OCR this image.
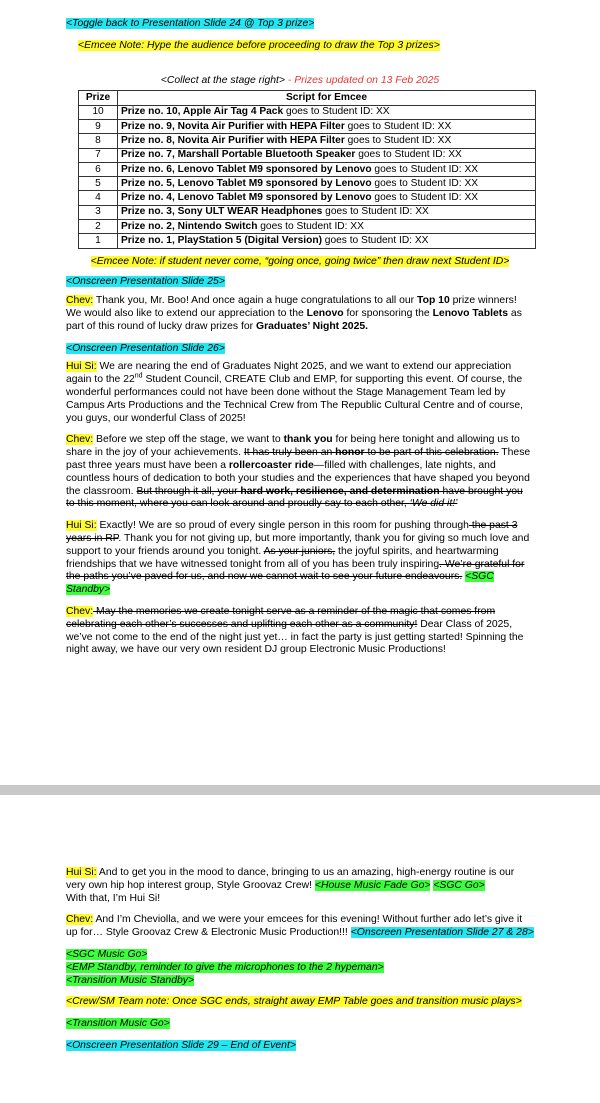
<Toggle back to Presentation Slide 24 @ Top 3 prize>

<Emcee Note: Hype the audience before proceeding to draw the Top 3 prizes>

<Collect at the stage right> - Prizes updated on 13 Feb 2025

Prize	Script for Emcee
10	Prize no. 10, Apple Air Tag 4 Pack goes to Student ID: XX
9	Prize no. 9, Novita Air Purifier with HEPA Filter goes to Student ID: XX
8	Prize no. 8, Novita Air Purifier with HEPA Filter goes to Student ID: XX
7	Prize no. 7, Marshall Portable Bluetooth Speaker goes to Student ID: XX
6	Prize no. 6, Lenovo Tablet M9 sponsored by Lenovo goes to Student ID: XX
5	Prize no. 5, Lenovo Tablet M9 sponsored by Lenovo goes to Student ID: XX
4	Prize no. 4, Lenovo Tablet M9 sponsored by Lenovo goes to Student ID: XX
3	Prize no. 3, Sony ULT WEAR Headphones goes to Student ID: XX
2	Prize no. 2, Nintendo Switch goes to Student ID: XX
1	Prize no. 1, PlayStation 5 (Digital Version) goes to Student ID: XX

<Emcee Note: if student never come, “going once, going twice” then draw next Student ID>

<Onscreen Presentation Slide 25>

Chev: Thank you, Mr. Boo! And once again a huge congratulations to all our Top 10 prize winners! We would also like to extend our appreciation to the Lenovo for sponsoring the Lenovo Tablets as part of this round of lucky draw prizes for Graduates’ Night 2025.

<Onscreen Presentation Slide 26>

Hui Si: We are nearing the end of Graduates Night 2025, and we want to extend our appreciation again to the 22nd Student Council, CREATE Club and EMP, for supporting this event. Of course, the wonderful performances could not have been done without the Stage Management Team led by Campus Arts Productions and the Technical Crew from The Republic Cultural Centre and of course, you guys, our wonderful Class of 2025!

Chev: Before we step off the stage, we want to thank you for being here tonight and allowing us to share in the joy of your achievements. It has truly been an honor to be part of this celebration. These past three years must have been a rollercoaster ride—filled with challenges, late nights, and countless hours of dedication to both your studies and the experiences that have shaped you beyond the classroom. But through it all, your hard work, resilience, and determination have brought you to this moment, where you can look around and proudly say to each other, ‘We did it!’

Hui Si: Exactly! We are so proud of every single person in this room for pushing through the past 3 years in RP. Thank you for not giving up, but more importantly, thank you for giving so much love and support to your friends around you tonight. As your juniors, the joyful spirits, and heartwarming friendships that we have witnessed tonight from all of you has been truly inspiring. We’re grateful for the paths you’ve paved for us, and now we cannot wait to see your future endeavours. <SGC Standby>

Chev: May the memories we create tonight serve as a reminder of the magic that comes from celebrating each other’s successes and uplifting each other as a community! Dear Class of 2025, we’ve not come to the end of the night just yet… in fact the party is just getting started! Spinning the night away, we have our very own resident DJ group Electronic Music Productions!

Hui Si: And to get you in the mood to dance, bringing to us an amazing, high-energy routine is our very own hip hop interest group, Style Groovaz Crew! <House Music Fade Go> <SGC Go>
With that, I’m Hui Si!

Chev: And I’m Cheviolla, and we were your emcees for this evening! Without further ado let’s give it up for… Style Groovaz Crew & Electronic Music Production!!! <Onscreen Presentation Slide 27 & 28>

<SGC Music Go>
<EMP Standby, reminder to give the microphones to the 2 hypeman>
<Transition Music Standby>

<Crew/SM Team note: Once SGC ends, straight away EMP Table goes and transition music plays>

<Transition Music Go>

<Onscreen Presentation Slide 29 – End of Event>
